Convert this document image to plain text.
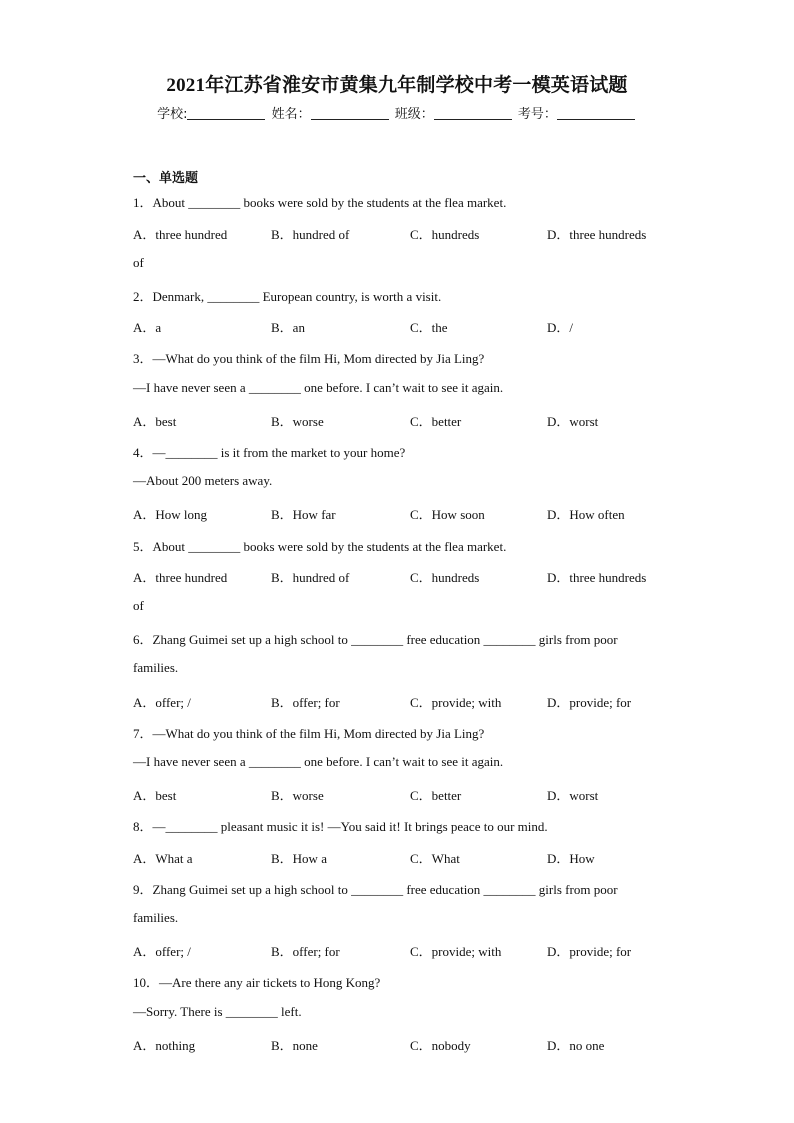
2021年江苏省淮安市黄集九年制学校中考一模英语试题
学校:	姓名：	班级：	考号：
一、单选题
1．About ________ books were sold by the students at the flea market.
A．three hundred	B．hundred of	C．hundreds	D．three hundreds
of
2．Denmark, ________ European country, is worth a visit.
A．a	B．an	C．the	D．/
3．—What do you think of the film Hi, Mom directed by Jia Ling?
—I have never seen a ________ one before. I can’t wait to see it again.
A．best	B．worse	C．better	D．worst
4．—________ is it from the market to your home?
—About 200 meters away.
A．How long	B．How far	C．How soon	D．How often
5．About ________ books were sold by the students at the flea market.
A．three hundred	B．hundred of	C．hundreds	D．three hundreds
of
6．Zhang Guimei set up a high school to ________ free education ________ girls from poor
families.
A．offer; /	B．offer; for	C．provide; with	D．provide; for
7．—What do you think of the film Hi, Mom directed by Jia Ling?
—I have never seen a ________ one before. I can’t wait to see it again.
A．best	B．worse	C．better	D．worst
8．—________ pleasant music it is! —You said it! It brings peace to our mind.
A．What a	B．How a	C．What	D．How
9．Zhang Guimei set up a high school to ________ free education ________ girls from poor
families.
A．offer; /	B．offer; for	C．provide; with	D．provide; for
10．—Are there any air tickets to Hong Kong?
—Sorry. There is ________ left.
A．nothing	B．none	C．nobody	D．no one
